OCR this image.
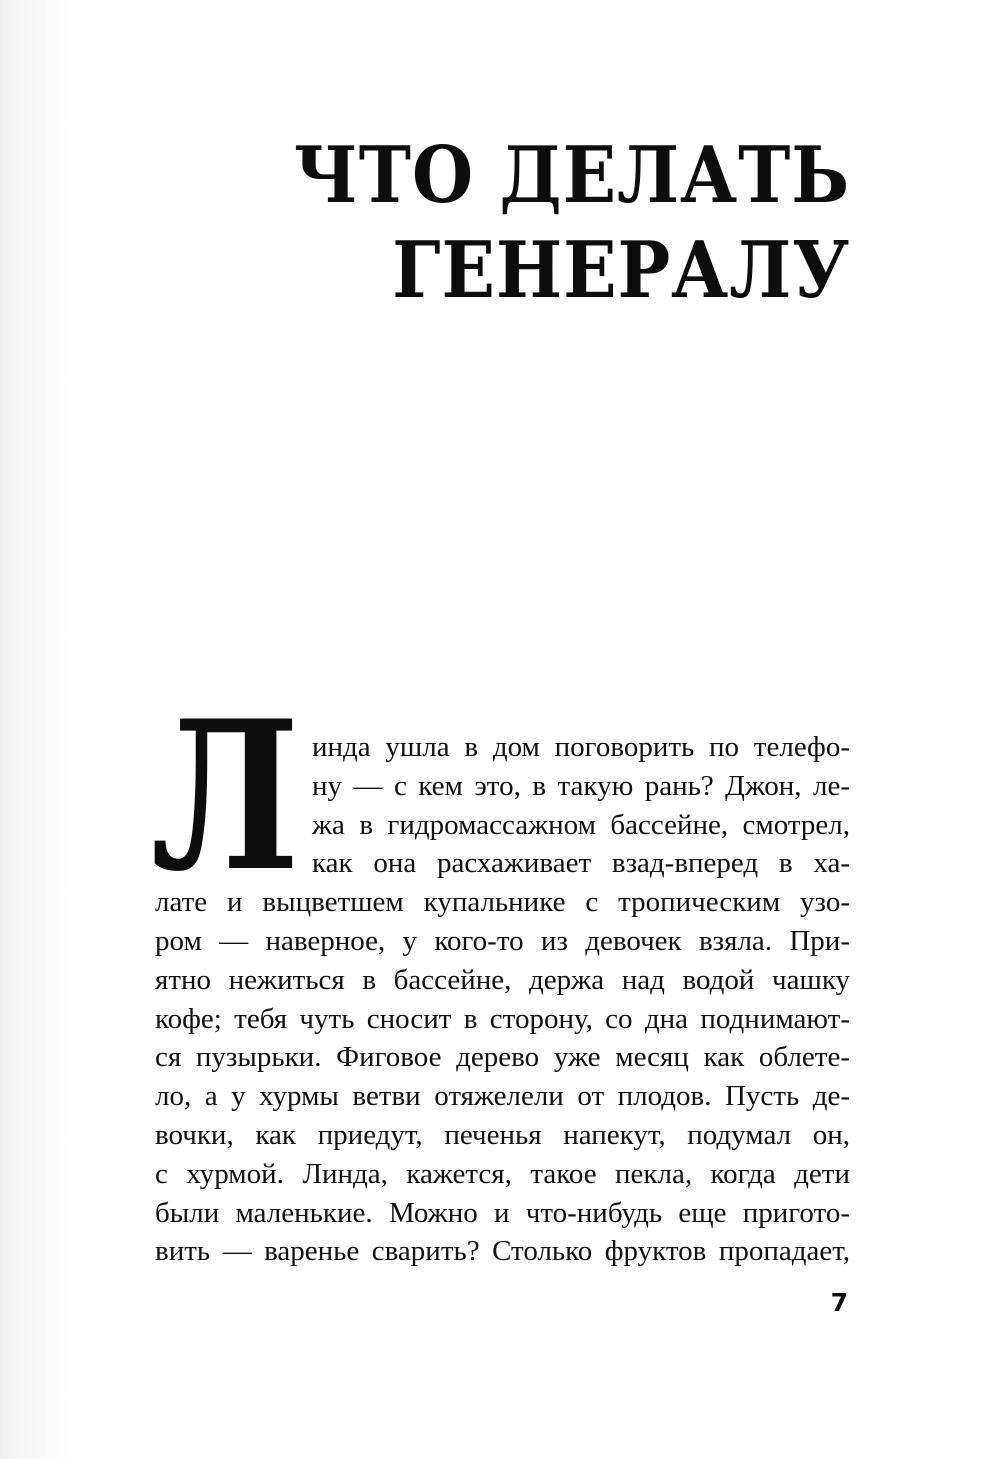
ЧТО ДЕЛАТЬ
ГЕНЕРАЛУ
Л инда ушла в дом поговорить по телефо-
ну — с кем это, в такую рань? Джон, ле-
жа в гидромассажном бассейне, смотрел,
как она расхаживает взад-вперед в ха-
лате и выцветшем купальнике с тропическим узо-
ром — наверное, у кого-то из девочек взяла. При-
ятно нежиться в бассейне, держа над водой чашку
кофе; тебя чуть сносит в сторону, со дна поднимают-
ся пузырьки. Фиговое дерево уже месяц как облете-
ло, а у хурмы ветви отяжелели от плодов. Пусть де-
вочки, как приедут, печенья напекут, подумал он,
с хурмой. Линда, кажется, такое пекла, когда дети
были маленькие. Можно и что-нибудь еще пригото-
вить — варенье сварить? Столько фруктов пропадает,
7
